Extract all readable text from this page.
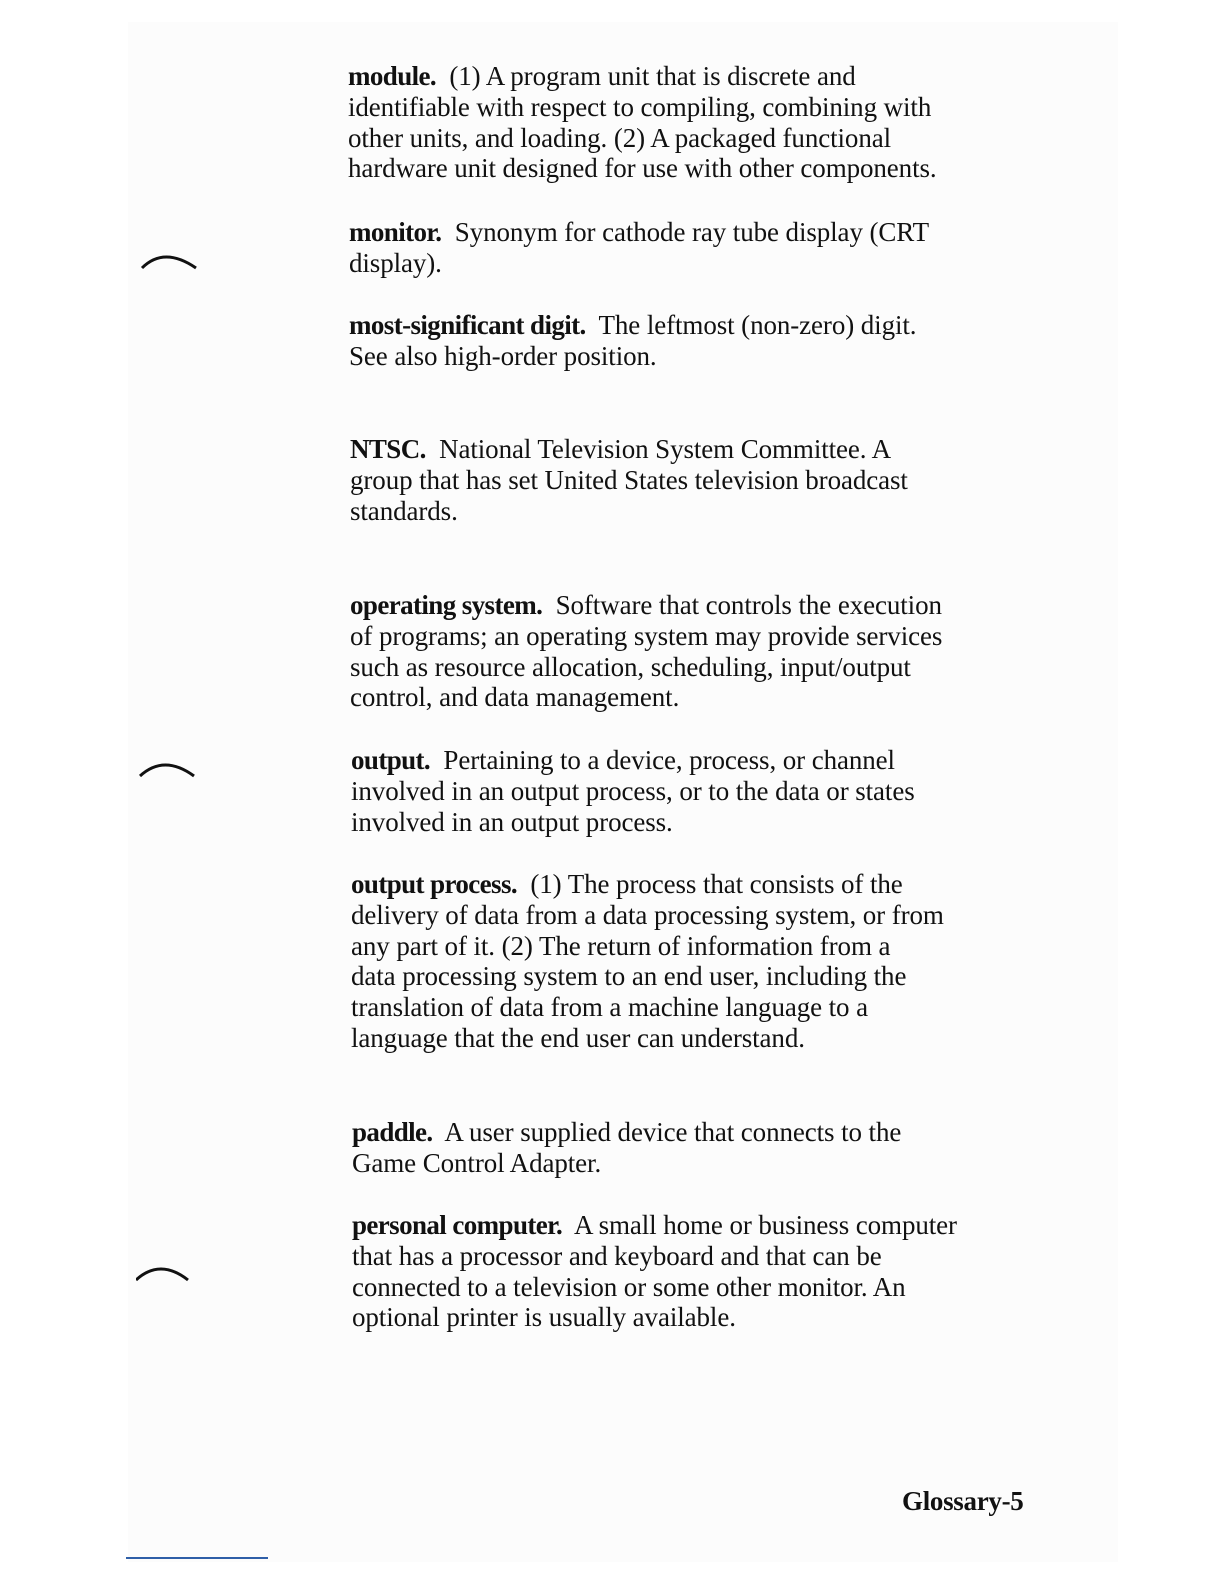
module. (1) A program unit that is discrete and
identifiable with respect to compiling, combining with
other units, and loading. (2) A packaged functional
hardware unit designed for use with other components.

monitor. Synonym for cathode ray tube display (CRT
display).

most-significant digit. The leftmost (non-zero) digit.
See also high-order position.

NTSC. National Television System Committee. A
group that has set United States television broadcast
standards.

operating system. Software that controls the execution
of programs; an operating system may provide services
such as resource allocation, scheduling, input/output
control, and data management.

output. Pertaining to a device, process, or channel
involved in an output process, or to the data or states
involved in an output process.

output process. (1) The process that consists of the
delivery of data from a data processing system, or from
any part of it. (2) The return of information from a
data processing system to an end user, including the
translation of data from a machine language to a
language that the end user can understand.

paddle. A user supplied device that connects to the
Game Control Adapter.

personal computer. A small home or business computer
that has a processor and keyboard and that can be
connected to a television or some other monitor. An
optional printer is usually available.

Glossary-5
